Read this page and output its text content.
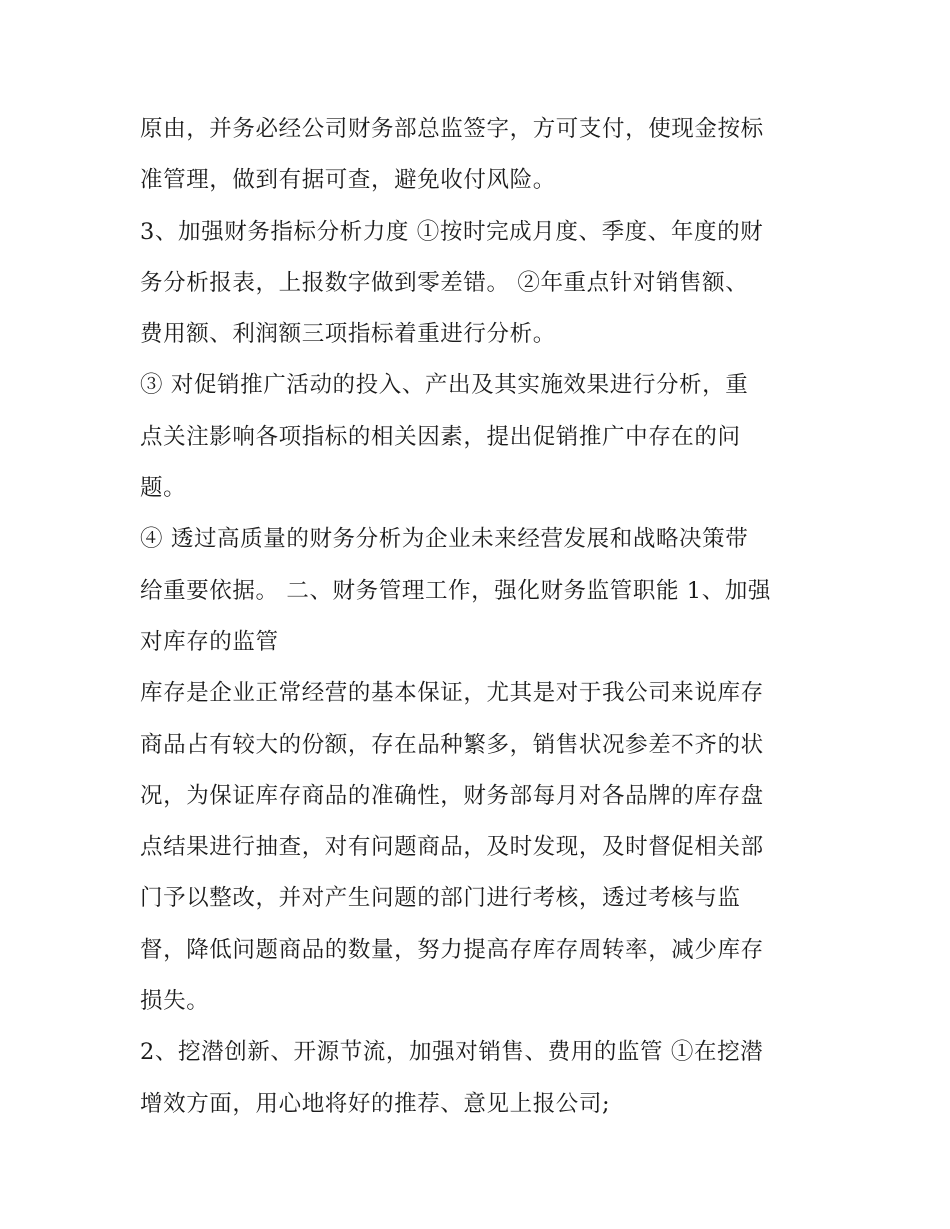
原由，并务必经公司财务部总监签字，方可支付，使现金按标
准管理，做到有据可查，避免收付风险。
3、加强财务指标分析力度 ①按时完成月度、季度、年度的财
务分析报表，上报数字做到零差错。 ②年重点针对销售额、
费用额、利润额三项指标着重进行分析。
③ 对促销推广活动的投入、产出及其实施效果进行分析，重
点关注影响各项指标的相关因素，提出促销推广中存在的问
题。
④ 透过高质量的财务分析为企业未来经营发展和战略决策带
给重要依据。 二、财务管理工作，强化财务监管职能 1、加强
对库存的监管
库存是企业正常经营的基本保证，尤其是对于我公司来说库存
商品占有较大的份额，存在品种繁多，销售状况参差不齐的状
况，为保证库存商品的准确性，财务部每月对各品牌的库存盘
点结果进行抽查，对有问题商品，及时发现，及时督促相关部
门予以整改，并对产生问题的部门进行考核，透过考核与监
督，降低问题商品的数量，努力提高存库存周转率，减少库存
损失。
2、挖潜创新、开源节流，加强对销售、费用的监管 ①在挖潜
增效方面，用心地将好的推荐、意见上报公司;
